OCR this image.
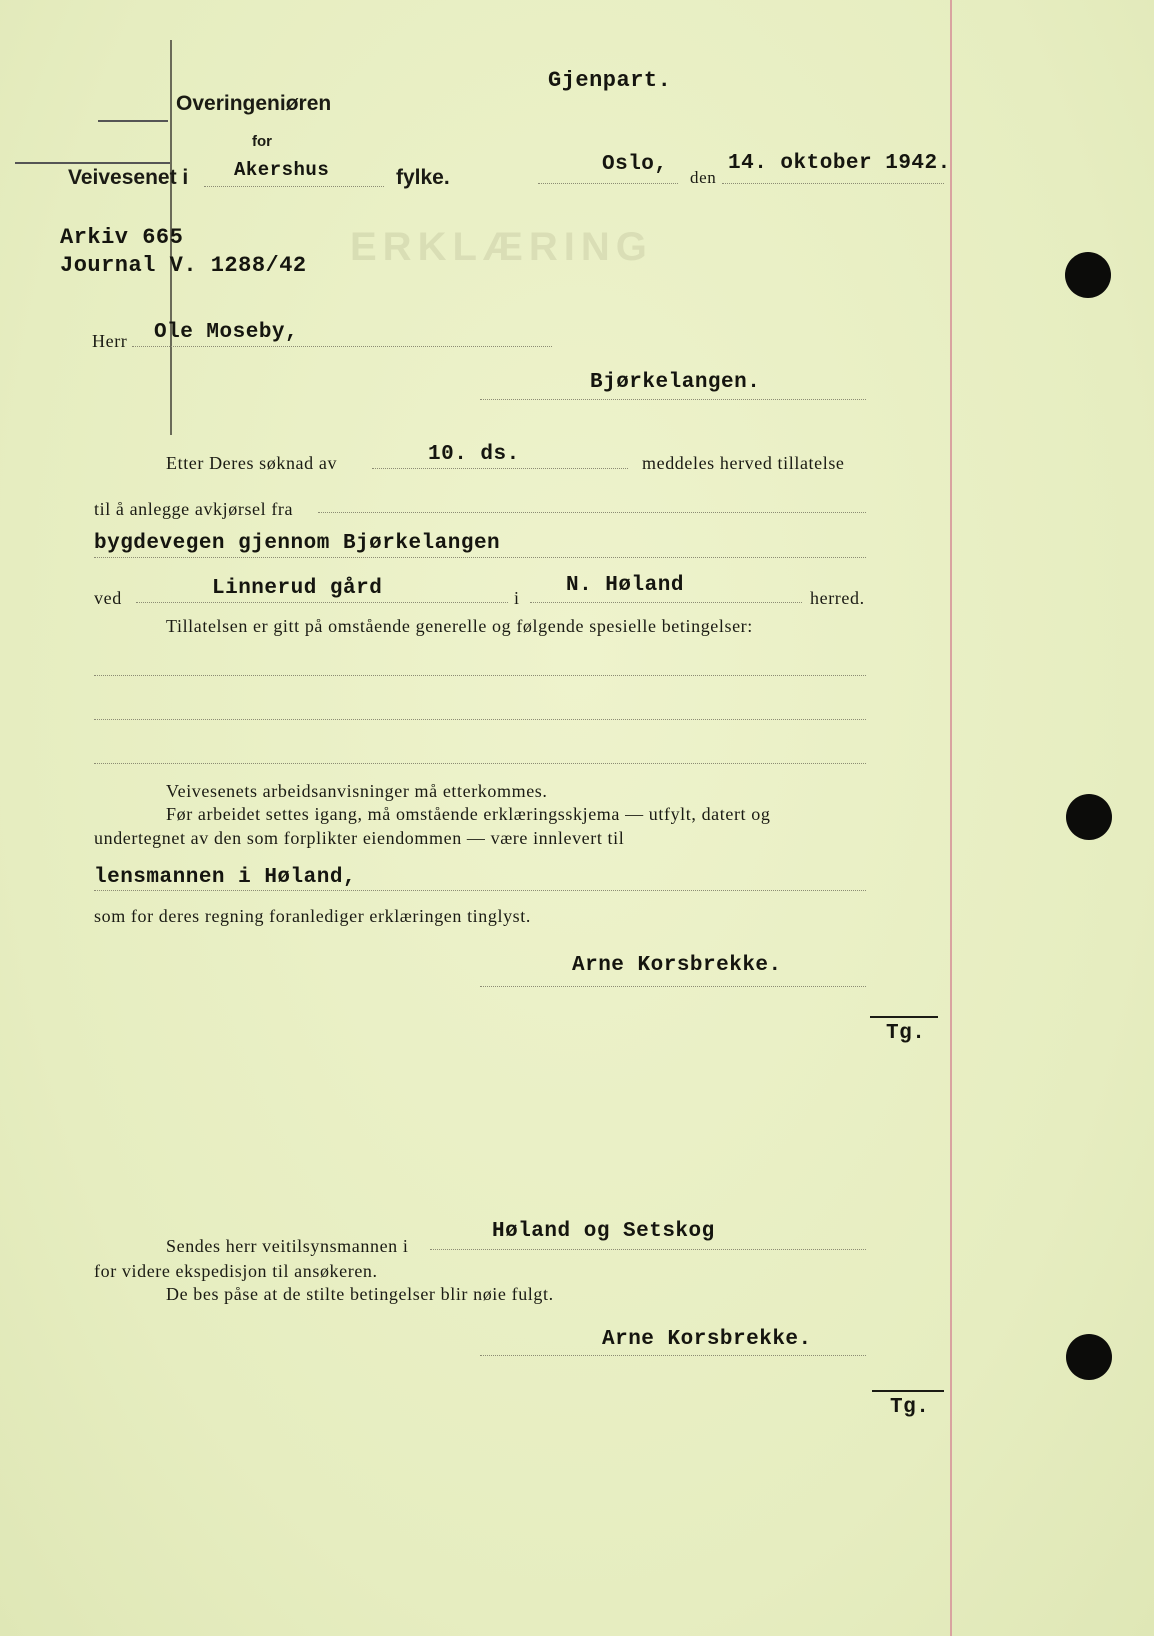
ERKLÆRING
Overingeniøren
for
Veivesenet i Akershus	fylke.
Gjenpart.
Oslo,
den
14. oktober 1942.
Arkiv 665
Journal V. 1288/42
Herr Ole Moseby,
Bjørkelangen.
Etter Deres søknad av	10. ds.	meddeles herved tillatelse
til å anlegge avkjørsel fra
bygdevegen gjennom Bjørkelangen
ved	Linnerud gård	i
N. Høland
herred.
Tillatelsen er gitt på omstående generelle og følgende spesielle betingelser:
Veivesenets arbeidsanvisninger må etterkommes.
Før arbeidet settes igang, må omstående erklæringsskjema — utfylt, datert og
undertegnet av den som forplikter eiendommen — være innlevert til
lensmannen i Høland,
som for deres regning foranlediger erklæringen tinglyst.
Arne Korsbrekke.
Tg.
Sendes herr veitilsynsmannen i
Høland og Setskog
for videre ekspedisjon til ansøkeren.
De bes påse at de stilte betingelser blir nøie fulgt.
Arne Korsbrekke.
Tg.
